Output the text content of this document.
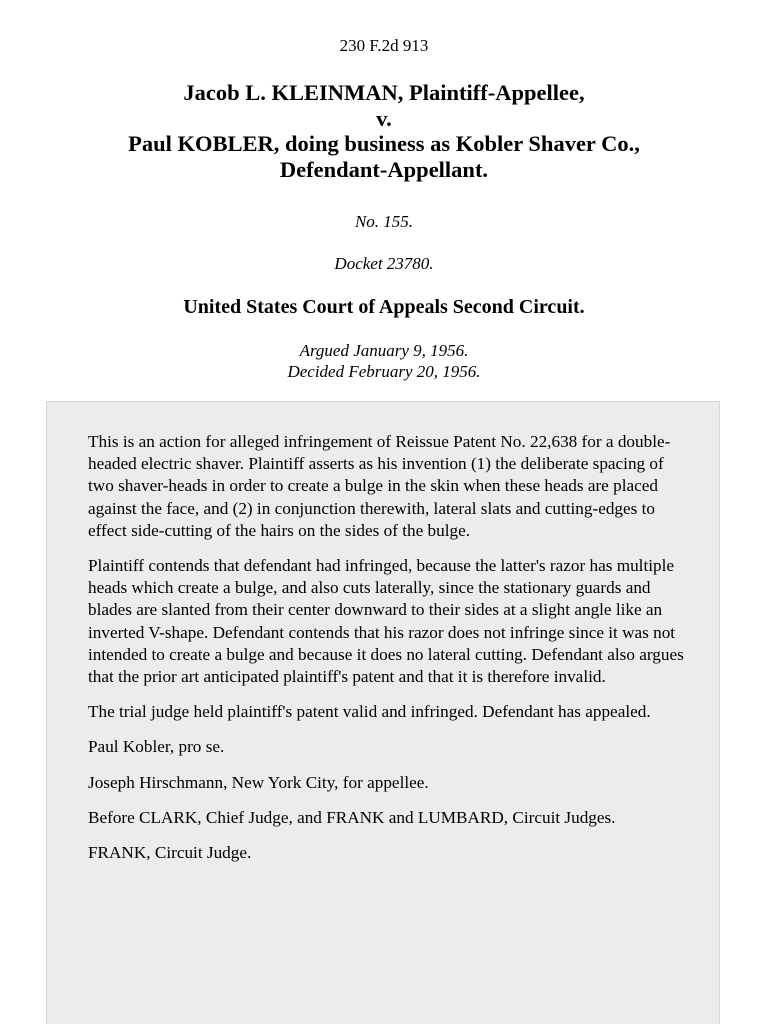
230 F.2d 913
Jacob L. KLEINMAN, Plaintiff-Appellee,
v.
Paul KOBLER, doing business as Kobler Shaver Co.,
Defendant-Appellant.
No. 155.
Docket 23780.
United States Court of Appeals Second Circuit.
Argued January 9, 1956.
Decided February 20, 1956.

This is an action for alleged infringement of Reissue Patent No. 22,638 for a double-headed electric shaver. Plaintiff asserts as his invention (1) the deliberate spacing of two shaver-heads in order to create a bulge in the skin when these heads are placed against the face, and (2) in conjunction therewith, lateral slats and cutting-edges to effect side-cutting of the hairs on the sides of the bulge.

Plaintiff contends that defendant had infringed, because the latter's razor has multiple heads which create a bulge, and also cuts laterally, since the stationary guards and blades are slanted from their center downward to their sides at a slight angle like an inverted V-shape. Defendant contends that his razor does not infringe since it was not intended to create a bulge and because it does no lateral cutting. Defendant also argues that the prior art anticipated plaintiff's patent and that it is therefore invalid.

The trial judge held plaintiff's patent valid and infringed. Defendant has appealed.

Paul Kobler, pro se.

Joseph Hirschmann, New York City, for appellee.

Before CLARK, Chief Judge, and FRANK and LUMBARD, Circuit Judges.

FRANK, Circuit Judge.
